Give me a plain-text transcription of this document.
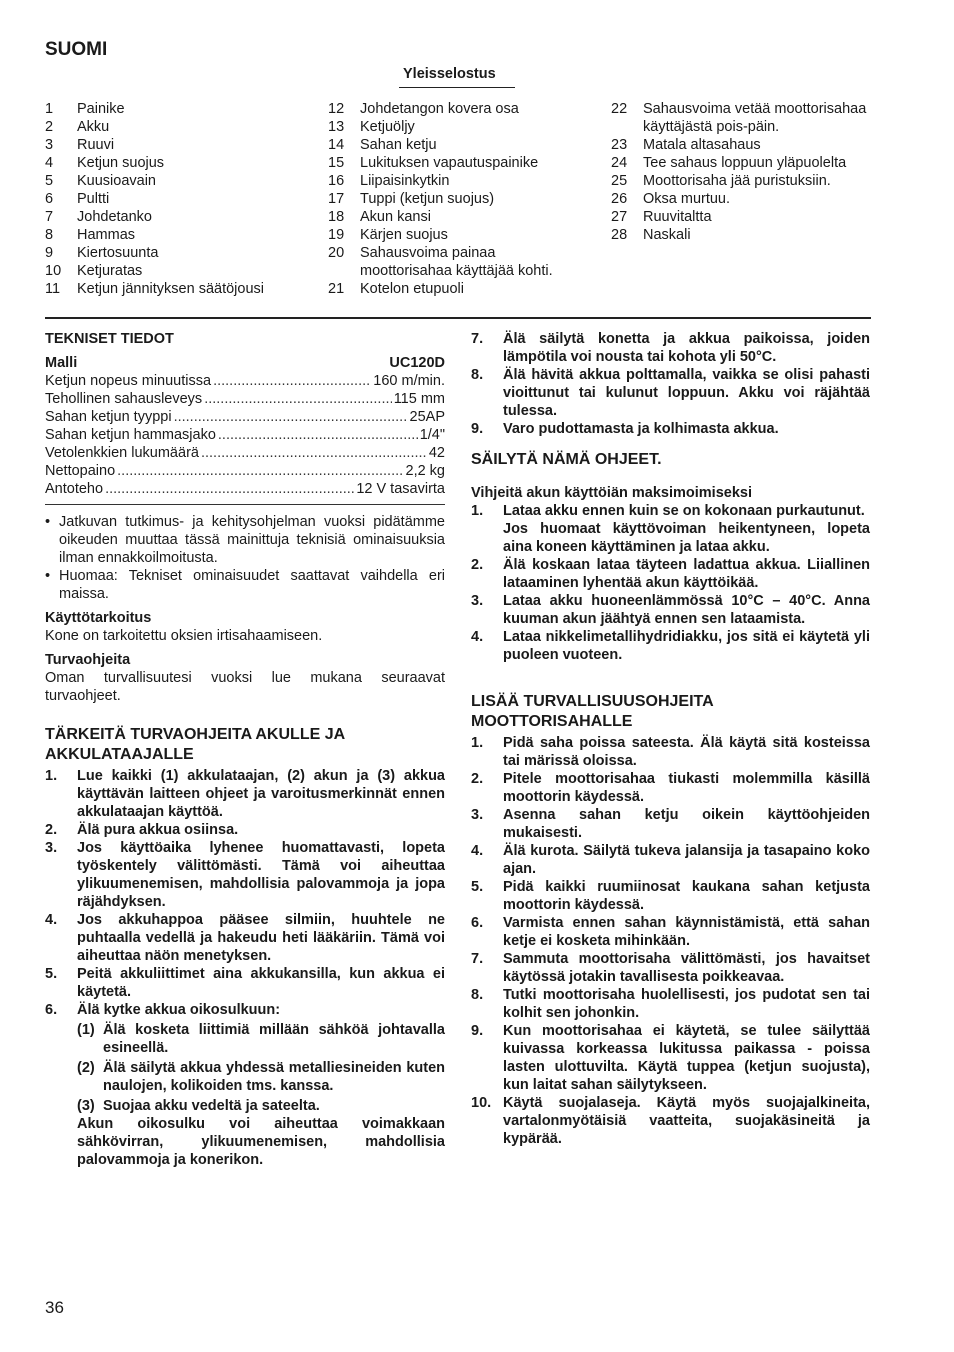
SUOMI
Yleisselostus
1	Painike
2	Akku
3	Ruuvi
4	Ketjun suojus
5	Kuusioavain
6	Pultti
7	Johdetanko
8	Hammas
9	Kiertosuunta
10	Ketjuratas
11	Ketjun jännityksen säätöjousi
12	Johdetangon kovera osa
13	Ketjuöljy
14	Sahan ketju
15	Lukituksen vapautuspainike
16	Liipaisinkytkin
17	Tuppi (ketjun suojus)
18	Akun kansi
19	Kärjen suojus
20	Sahausvoima painaa moottorisahaa käyttäjää kohti.
21	Kotelon etupuoli
22	Sahausvoima vetää moottorisahaa käyttäjästä pois-päin.
23	Matala altasahaus
24	Tee sahaus loppuun yläpuolelta
25	Moottorisaha jää puristuksiin.
26	Oksa murtuu.
27	Ruuvitaltta
28	Naskali
TEKNISET TIEDOT
Malli	UC120D
Ketjun nopeus minuutissa .....	160 m/min.
Tehollinen sahausleveys .....	115 mm
Sahan ketjun tyyppi .....	25AP
Sahan ketjun hammasjako .....	1/4"
Vetolenkkien lukumäärä .....	42
Nettopaino .....	2,2 kg
Antoteho .....	12 V tasavirta
• Jatkuvan tutkimus- ja kehitysohjelman vuoksi pidätämme oikeuden muuttaa tässä mainittuja teknisiä ominaisuuksia ilman ennakkoilmoitusta.
• Huomaa: Tekniset ominaisuudet saattavat vaihdella eri maissa.
Käyttötarkoitus
Kone on tarkoitettu oksien irtisahaamiseen.
Turvaohjeita
Oman turvallisuutesi vuoksi lue mukana seuraavat turvaohjeet.
TÄRKEITÄ TURVAOHJEITA AKULLE JA AKKULATAAJALLE
1.	Lue kaikki (1) akkulataajan, (2) akun ja (3) akkua käyttävän laitteen ohjeet ja varoitusmerkinnät ennen akkulataajan käyttöä.
2.	Älä pura akkua osiinsa.
3.	Jos käyttöaika lyhenee huomattavasti, lopeta työskentely välittömästi. Tämä voi aiheuttaa ylikuumenemisen, mahdollisia palovammoja ja jopa räjähdyksen.
4.	Jos akkuhappoa pääsee silmiin, huuhtele ne puhtaalla vedellä ja hakeudu heti lääkäriin. Tämä voi aiheuttaa näön menetyksen.
5.	Peitä akkuliittimet aina akkukansilla, kun akkua ei käytetä.
6.	Älä kytke akkua oikosulkuun:
(1) Älä kosketa liittimiä millään sähköä johtavalla esineellä.
(2) Älä säilytä akkua yhdessä metalliesineiden kuten naulojen, kolikoiden tms. kanssa.
(3) Suojaa akku vedeltä ja sateelta.
Akun oikosulku voi aiheuttaa voimakkaan sähkövirran, ylikuumenemisen, mahdollisia palovammoja ja konerikon.
7.	Älä säilytä konetta ja akkua paikoissa, joiden lämpötila voi nousta tai kohota yli 50°C.
8.	Älä hävitä akkua polttamalla, vaikka se olisi pahasti vioittunut tai kulunut loppuun. Akku voi räjähtää tulessa.
9.	Varo pudottamasta ja kolhimasta akkua.
SÄILYTÄ NÄMÄ OHJEET.
Vihjeitä akun käyttöiän maksimoimiseksi
1.	Lataa akku ennen kuin se on kokonaan purkautunut.
Jos huomaat käyttövoiman heikentyneen, lopeta aina koneen käyttäminen ja lataa akku.
2.	Älä koskaan lataa täyteen ladattua akkua. Liiallinen lataaminen lyhentää akun käyttöikää.
3.	Lataa akku huoneenlämmössä 10°C – 40°C. Anna kuuman akun jäähtyä ennen sen lataamista.
4.	Lataa nikkelimetallihydridiakku, jos sitä ei käytetä yli puoleen vuoteen.
LISÄÄ TURVALLISUUSOHJEITA MOOTTORISAHALLE
1.	Pidä saha poissa sateesta. Älä käytä sitä kosteissa tai märissä oloissa.
2.	Pitele moottorisahaa tiukasti molemmilla käsillä moottorin käydessä.
3.	Asenna sahan ketju oikein käyttöohjeiden mukaisesti.
4.	Älä kurota. Säilytä tukeva jalansija ja tasapaino koko ajan.
5.	Pidä kaikki ruumiinosat kaukana sahan ketjusta moottorin käydessä.
6.	Varmista ennen sahan käynnistämistä, että sahan ketje ei kosketa mihinkään.
7.	Sammuta moottorisaha välittömästi, jos havaitset käytössä jotakin tavallisesta poikkeavaa.
8.	Tutki moottorisaha huolellisesti, jos pudotat sen tai kolhit sen johonkin.
9.	Kun moottorisahaa ei käytetä, se tulee säilyttää kuivassa korkeassa lukitussa paikassa - poissa lasten ulottuvilta. Käytä tuppea (ketjun suojusta), kun laitat sahan säilytykseen.
10. Käytä suojalaseja. Käytä myös suojajalkineita, vartalonmyötäisiä vaatteita, suojakäsineitä ja kypärää.
36
